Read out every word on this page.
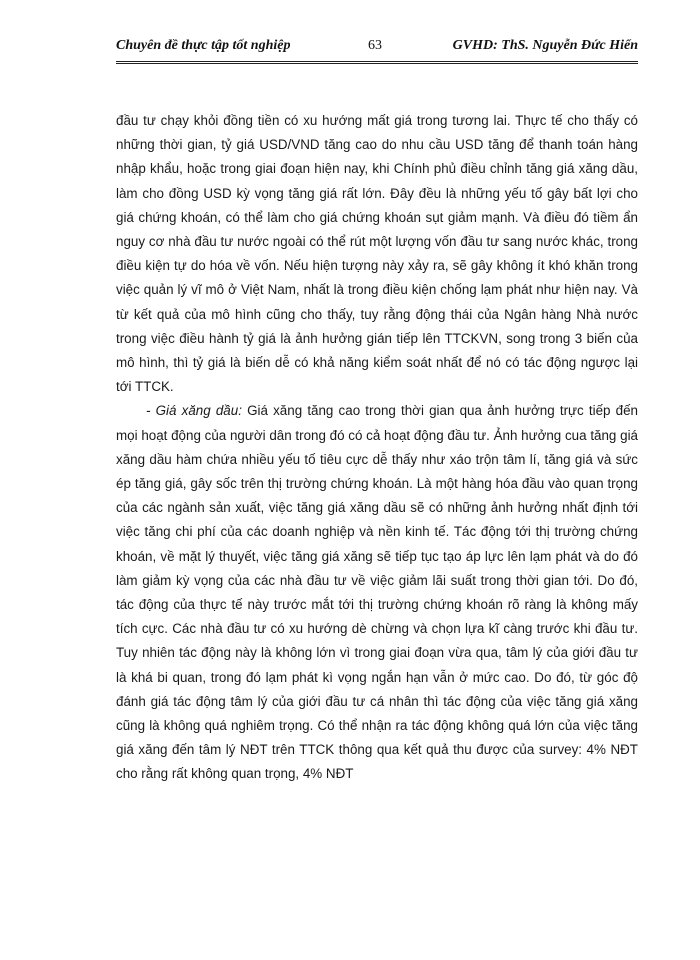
Chuyên đề thực tập tốt nghiệp	63	GVHD: ThS. Nguyễn Đức Hiển

đầu tư chạy khỏi đồng tiền có xu hướng mất giá trong tương lai. Thực tế cho thấy có những thời gian, tỷ giá USD/VND tăng cao do nhu cầu USD tăng để thanh toán hàng nhập khẩu, hoặc trong giai đoạn hiện nay, khi Chính phủ điều chỉnh tăng giá xăng dầu, làm cho đồng USD kỳ vọng tăng giá rất lớn. Đây đều là những yếu tố gây bất lợi cho giá chứng khoán, có thể làm cho giá chứng khoán sụt giảm mạnh. Và điều đó tiềm ẩn nguy cơ nhà đầu tư nước ngoài có thể rút một lượng vốn đầu tư sang nước khác, trong điều kiện tự do hóa về vốn. Nếu hiện tượng này xảy ra, sẽ gây không ít khó khăn trong việc quản lý vĩ mô ở Việt Nam, nhất là trong điều kiện chống lạm phát như hiện nay. Và từ kết quả của mô hình cũng cho thấy, tuy rằng động thái của Ngân hàng Nhà nước trong việc điều hành tỷ giá là ảnh hưởng gián tiếp lên TTCKVN, song trong 3 biến của mô hình, thì tỷ giá là biến dễ có khả năng kiểm soát nhất để nó có tác động ngược lại tới TTCK.

- Giá xăng dầu: Giá xăng tăng cao trong thời gian qua ảnh hưởng trực tiếp đến mọi hoạt động của người dân trong đó có cả hoạt động đầu tư. Ảnh hưởng cua tăng giá xăng dầu hàm chứa nhiều yếu tố tiêu cực dễ thấy như xáo trộn tâm lí, tăng giá và sức ép tăng giá, gây sốc trên thị trường chứng khoán. Là một hàng hóa đầu vào quan trọng của các ngành sản xuất, việc tăng giá xăng dầu sẽ có những ảnh hưởng nhất định tới việc tăng chi phí của các doanh nghiệp và nền kinh tế. Tác động tới thị trường chứng khoán, về mặt lý thuyết, việc tăng giá xăng sẽ tiếp tục tạo áp lực lên lạm phát và do đó làm giảm kỳ vọng của các nhà đầu tư về việc giảm lãi suất trong thời gian tới. Do đó, tác động của thực tế này trước mắt tới thị trường chứng khoán rõ ràng là không mấy tích cực. Các nhà đầu tư có xu hướng dè chừng và chọn lựa kĩ càng trước khi đầu tư. Tuy nhiên tác động này là không lớn vì trong giai đoạn vừa qua, tâm lý của giới đầu tư là khá bi quan, trong đó lạm phát kì vọng ngắn hạn vẫn ở mức cao. Do đó, từ góc độ đánh giá tác động tâm lý của giới đầu tư cá nhân thì tác động của việc tăng giá xăng cũng là không quá nghiêm trọng. Có thể nhận ra tác động không quá lớn của việc tăng giá xăng đến tâm lý NĐT trên TTCK thông qua kết quả thu được của survey: 4% NĐT cho rằng rất không quan trọng, 4% NĐT
